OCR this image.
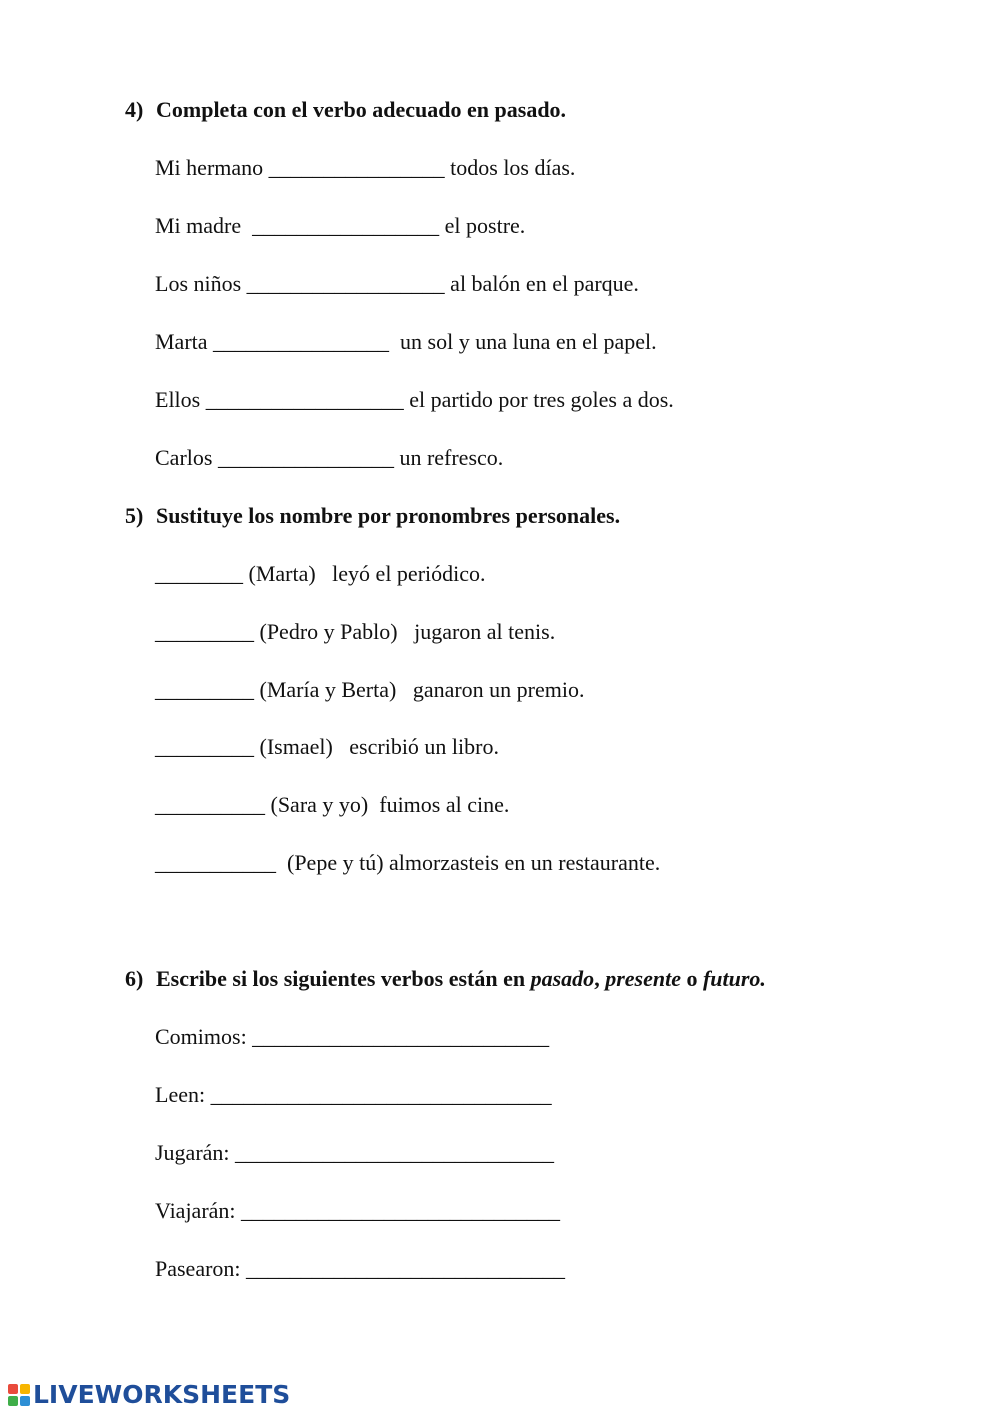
4) Completa con el verbo adecuado en pasado.
Mi hermano ________________ todos los días.
Mi madre  _________________ el postre.
Los niños __________________ al balón en el parque.
Marta ________________  un sol y una luna en el papel.
Ellos __________________ el partido por tres goles a dos.
Carlos ________________ un refresco.
5) Sustituye los nombre por pronombres personales.
________ (Marta)   leyó el periódico.
_________ (Pedro y Pablo)   jugaron al tenis.
_________ (María y Berta)   ganaron un premio.
_________ (Ismael)   escribió un libro.
__________ (Sara y yo)  fuimos al cine.
___________  (Pepe y tú) almorzasteis en un restaurante.
6) Escribe si los siguientes verbos están en pasado, presente o futuro.
Comimos: ___________________________
Leen: _______________________________
Jugarán: _____________________________
Viajarán: _____________________________
Pasearon: _____________________________
LIVEWORKSHEETS
